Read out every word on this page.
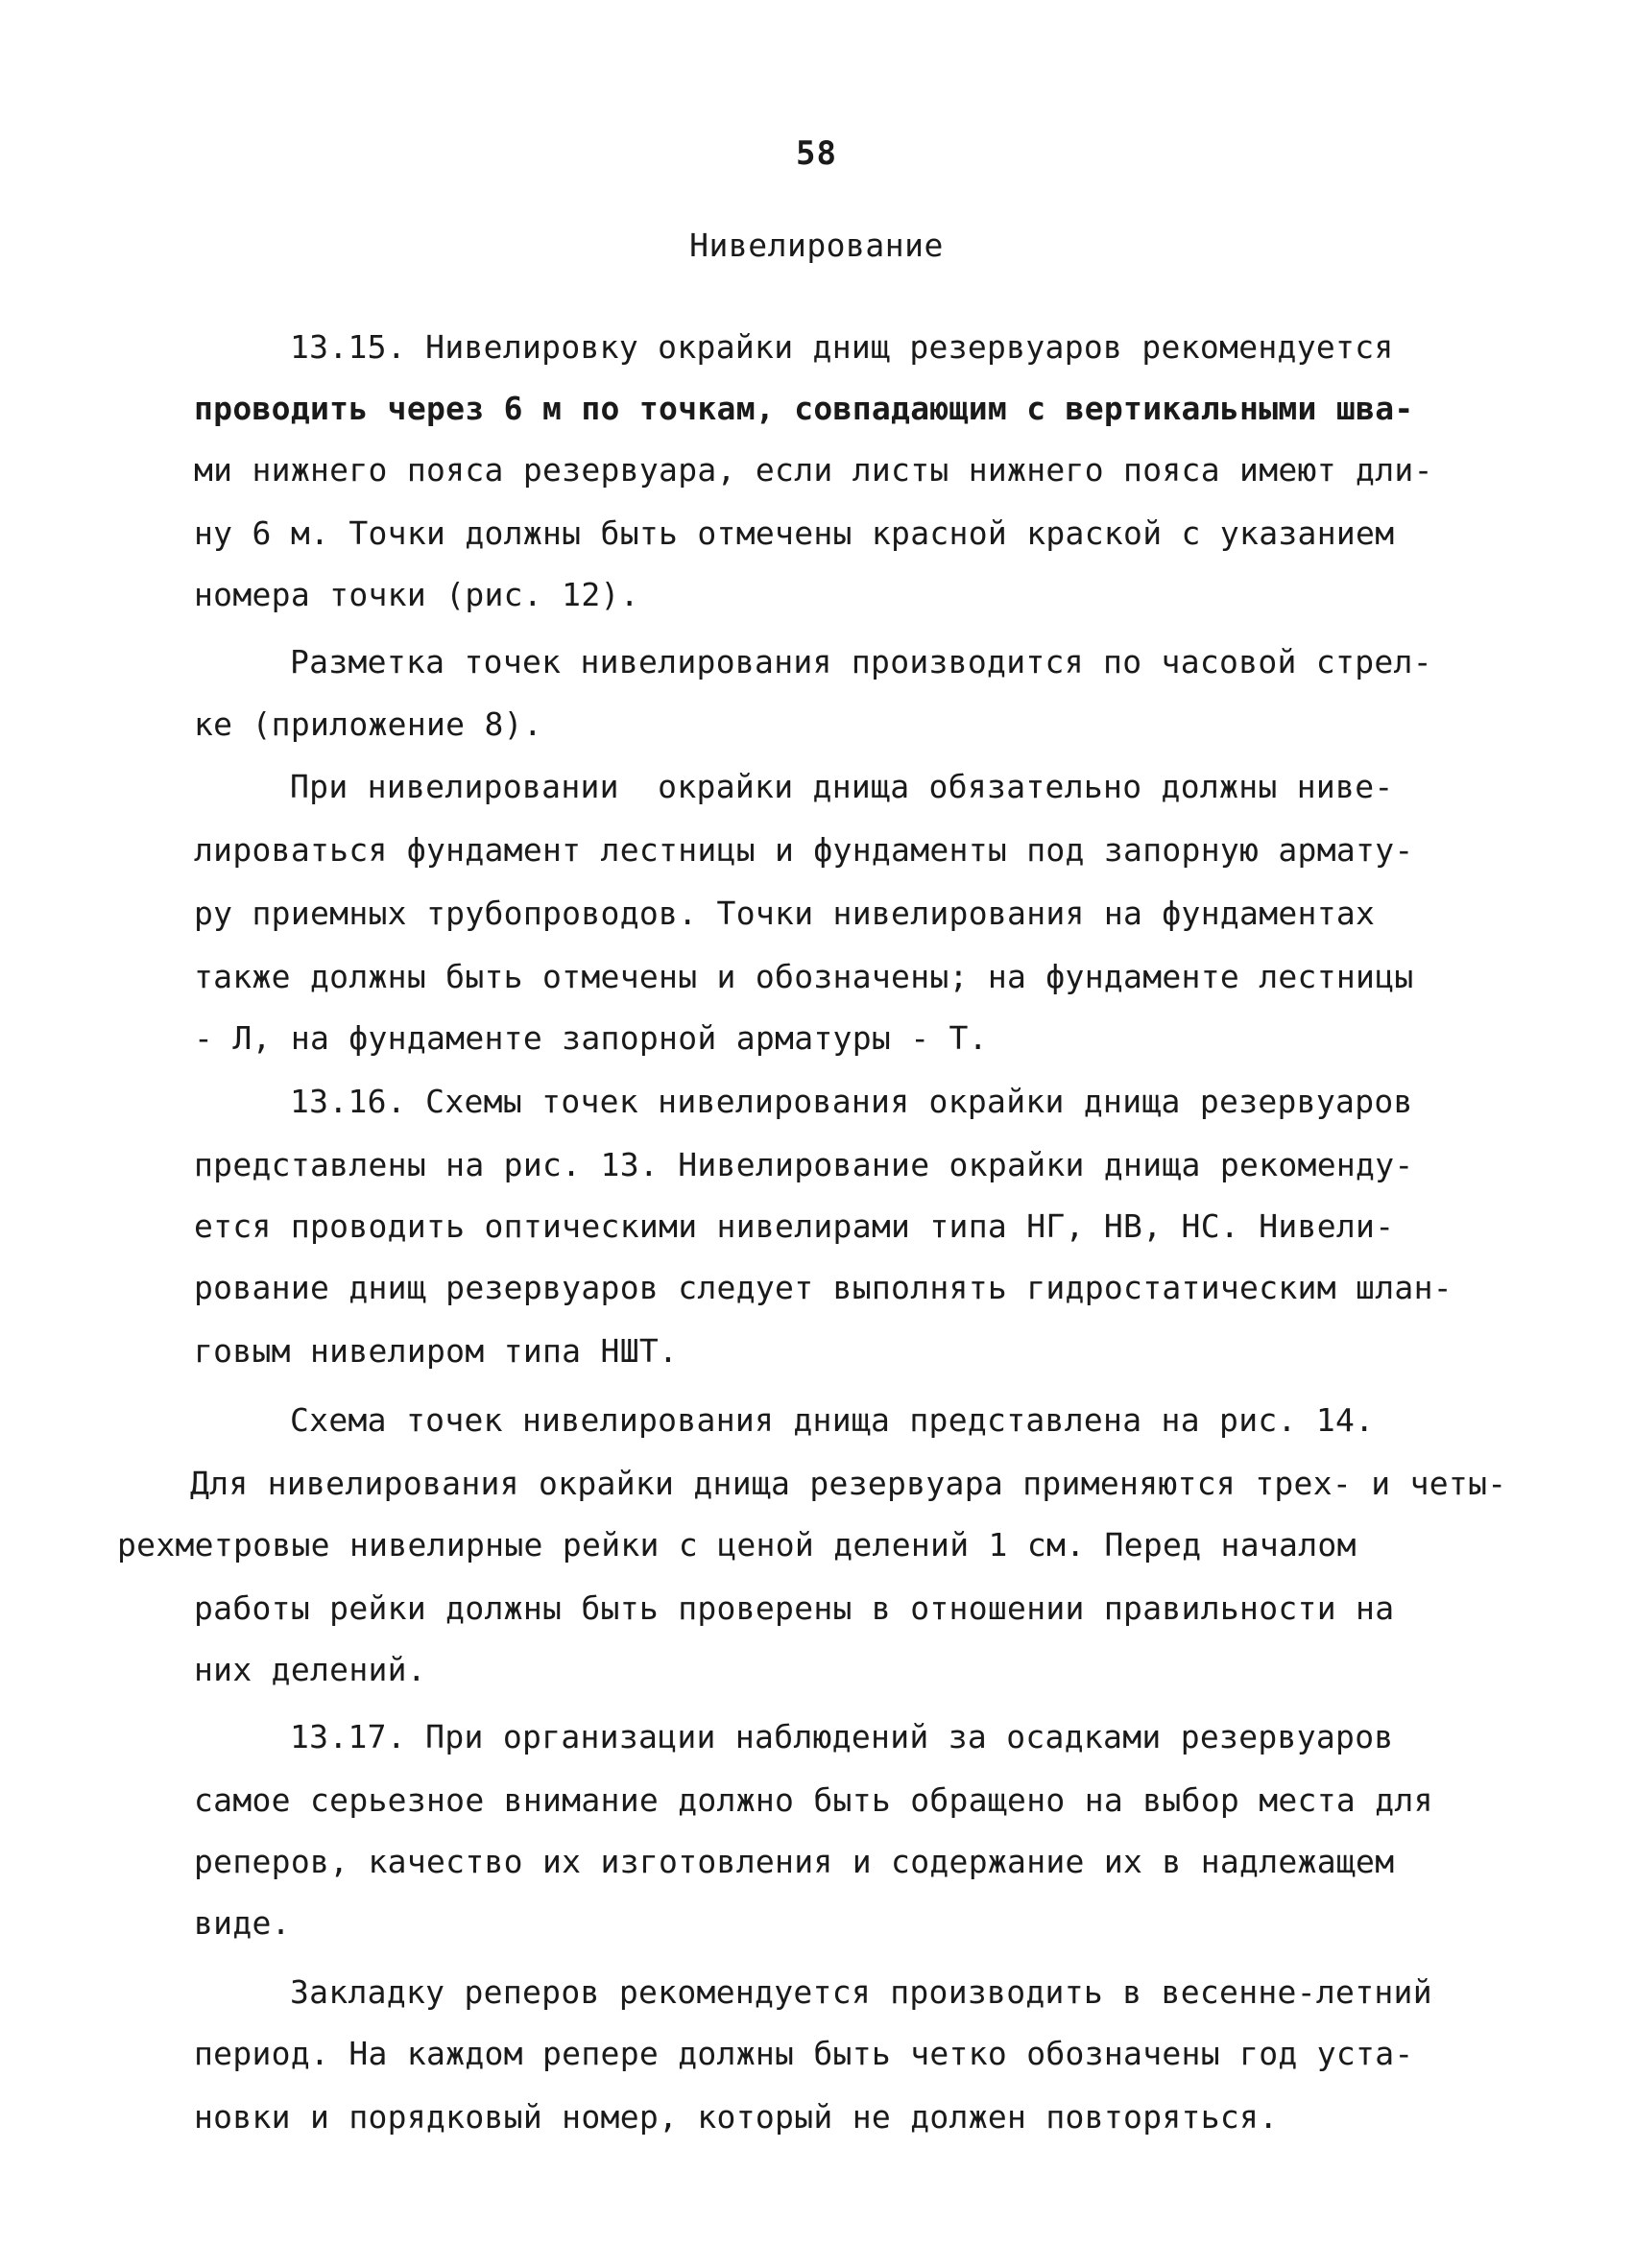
58
Нивелирование
13.15. Нивелировку окрайки днищ резервуаров рекомендуется
проводить через 6 м по точкам, совпадающим с вертикальными шва-
ми нижнего пояса резервуара, если листы нижнего пояса имеют дли-
ну 6 м. Точки должны быть отмечены красной краской с указанием
номера точки (рис. 12).
Разметка точек нивелирования производится по часовой стрел-
ке (приложение 8).
При нивелировании  окрайки днища обязательно должны нивe-
лироваться фундамент лестницы и фундаменты под запорную армату-
ру приемных трубопроводов. Точки нивелирования на фундаментах
также должны быть отмечены и обозначены; на фундаменте лестницы
- Л, на фундаменте запорной арматуры - Т.
13.16. Схемы точек нивелирования окрайки днища резервуаров
представлены на рис. 13. Нивелирование окрайки днища рекоменду-
ется проводить оптическими нивелирами типа НГ, НВ, НС. Нивели-
рование днищ резервуаров следует выполнять гидростатическим шлан-
говым нивелиром типа НШТ.
Схема точек нивелирования днища представлена на рис. 14.
Для нивелирования окрайки днища резервуара применяются трех- и четы-
рехметровые нивелирные рейки с ценой делений 1 см. Перед началом
работы рейки должны быть проверены в отношении правильности на
них делений.
13.17. При организации наблюдений за осадками резервуаров
самое серьезное внимание должно быть обращено на выбор места для
реперов, качество их изготовления и содержание их в надлежащем
виде.
Закладку реперов рекомендуется производить в весенне-летний
период. На каждом репере должны быть четко обозначены год уста-
новки и порядковый номер, который не должен повторяться.
